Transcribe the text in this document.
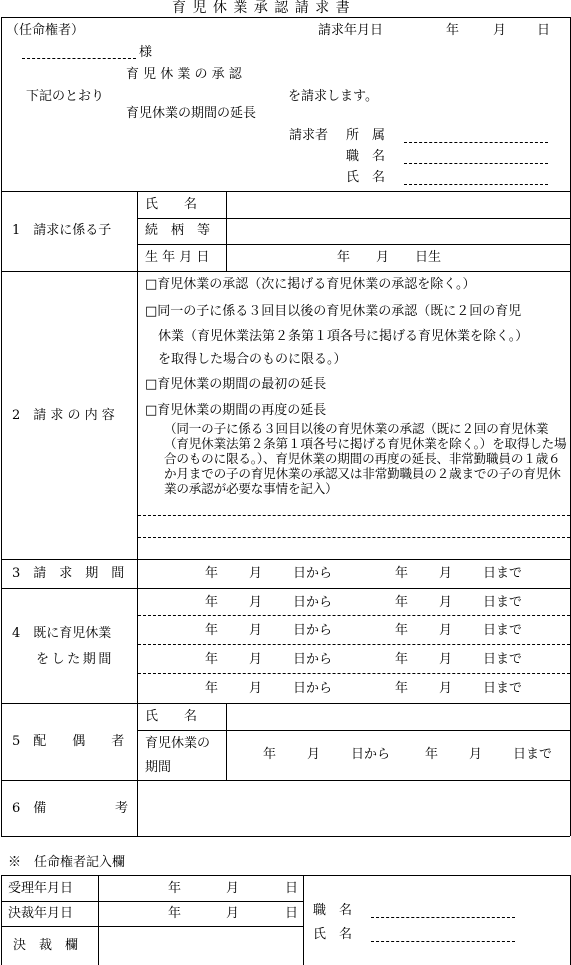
育 児 休 業 承 認 請 求 書
（任命権者）	請求年月日	年	月 日
様
育 児 休 業 の 承 認
下記のとおり	を請求します。
育児休業の期間の延長
請求者 所　属
職　名
氏　名
1　請求に係る子
氏　　名
続　柄　等
生 年 月 日	年　　月　　日生
2　請 求 の 内 容
□育児休業の承認（次に掲げる育児休業の承認を除く。）
□同一の子に係る３回目以後の育児休業の承認（既に２回の育児
休業（育児休業法第２条第１項各号に掲げる育児休業を除く。）
を取得した場合のものに限る。）
□育児休業の期間の最初の延長
□育児休業の期間の再度の延長
（同一の子に係る３回目以後の育児休業の承認（既に２回の育児休業（育児休業法第２条第１項各号に掲げる育児休業を除く。）を取得した場合のものに限る。）、育児休業の期間の再度の延長、非常勤職員の１歳６か月までの子の育児休業の承認又は非常勤職員の２歳までの子の育児休業の承認が必要な事情を記入）
3　請　求　期　間	年 月 日から	年 月 日まで
4　既に育児休業
をした期間
年 月 日から	年 月 日まで
年 月 日から	年 月 日まで
年 月 日から	年 月 日まで
年 月 日から	年 月 日まで
5　配　　偶　　者
氏　　名
育児休業の
期間
年 月 日から	年 月 日まで
6　備	考
※　任命権者記入欄
受理年月日	年	月	日
決裁年月日	年	月	日
決　裁　欄
職　名
氏　名
